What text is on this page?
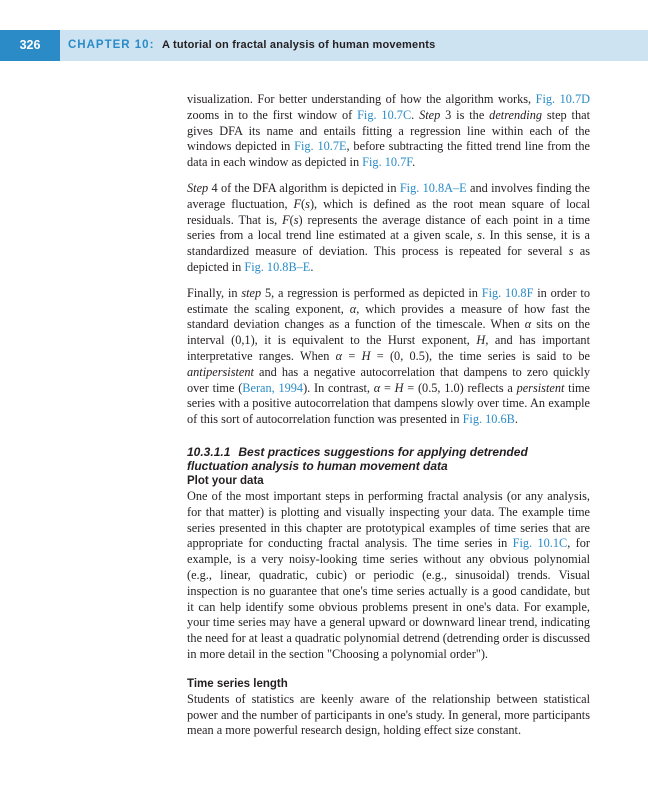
326	CHAPTER 10: A tutorial on fractal analysis of human movements

visualization. For better understanding of how the algorithm works, Fig. 10.7D zooms in to the first window of Fig. 10.7C. Step 3 is the detrending step that gives DFA its name and entails fitting a regression line within each of the windows depicted in Fig. 10.7E, before subtracting the fitted trend line from the data in each window as depicted in Fig. 10.7F.

Step 4 of the DFA algorithm is depicted in Fig. 10.8A–E and involves finding the average fluctuation, F(s), which is defined as the root mean square of local residuals. That is, F(s) represents the average distance of each point in a time series from a local trend line estimated at a given scale, s. In this sense, it is a standardized measure of deviation. This process is repeated for several s as depicted in Fig. 10.8B–E.

Finally, in step 5, a regression is performed as depicted in Fig. 10.8F in order to estimate the scaling exponent, α, which provides a measure of how fast the standard deviation changes as a function of the timescale. When α sits on the interval (0,1), it is equivalent to the Hurst exponent, H, and has important interpretative ranges. When α = H = (0, 0.5), the time series is said to be antipersistent and has a negative autocorrelation that dampens to zero quickly over time (Beran, 1994). In contrast, α = H = (0.5, 1.0) reflects a persistent time series with a positive autocorrelation that dampens slowly over time. An example of this sort of autocorrelation function was presented in Fig. 10.6B.

10.3.1.1 Best practices suggestions for applying detrended fluctuation analysis to human movement data
Plot your data

One of the most important steps in performing fractal analysis (or any analysis, for that matter) is plotting and visually inspecting your data. The example time series presented in this chapter are prototypical examples of time series that are appropriate for conducting fractal analysis. The time series in Fig. 10.1C, for example, is a very noisy-looking time series without any obvious polynomial (e.g., linear, quadratic, cubic) or periodic (e.g., sinusoidal) trends. Visual inspection is no guarantee that one's time series actually is a good candidate, but it can help identify some obvious problems present in one's data. For example, your time series may have a general upward or downward linear trend, indicating the need for at least a quadratic polynomial detrend (detrending order is discussed in more detail in the section "Choosing a polynomial order").

Time series length

Students of statistics are keenly aware of the relationship between statistical power and the number of participants in one's study. In general, more participants mean a more powerful research design, holding effect size constant.
